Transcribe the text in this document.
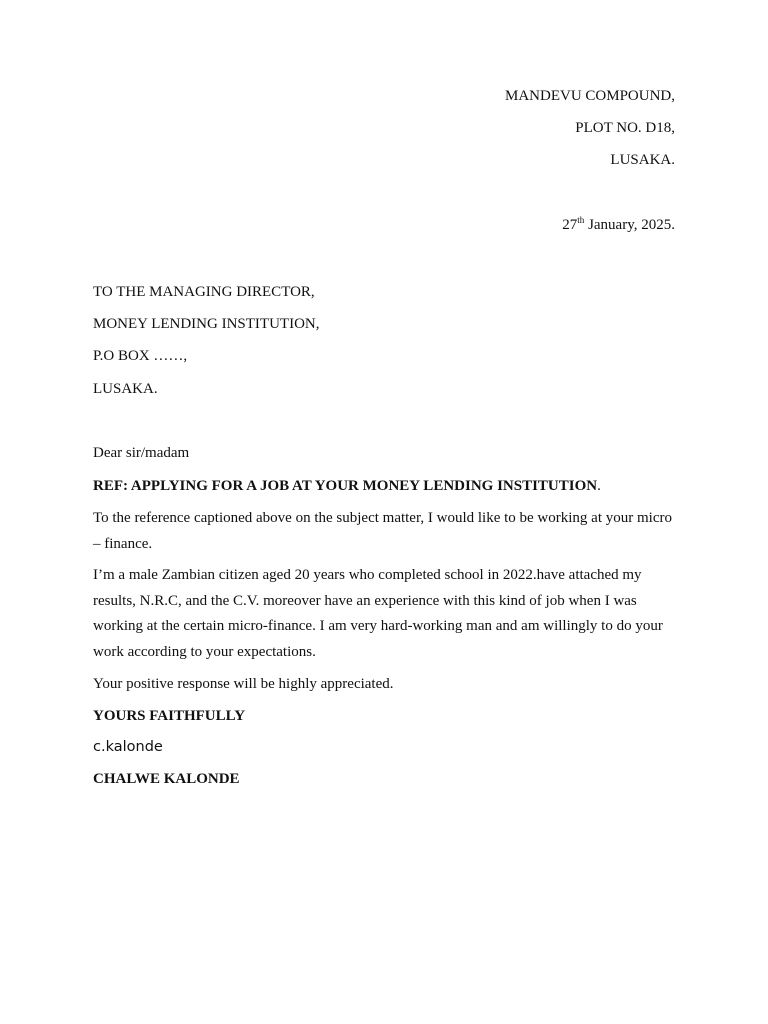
MANDEVU COMPOUND,
PLOT NO. D18,
LUSAKA.
27th January, 2025.
TO THE MANAGING DIRECTOR,
MONEY LENDING INSTITUTION,
P.O BOX ……,
LUSAKA.
Dear sir/madam
REF: APPLYING FOR A JOB AT YOUR MONEY LENDING INSTITUTION.
To the reference captioned above on the subject matter, I would like to be working at your micro – finance.
I’m a male Zambian citizen aged 20 years who completed school in 2022.have attached my results, N.R.C, and the C.V. moreover have an experience with this kind of job when I was working at the certain micro-finance. I am very hard-working man and am willingly to do your work according to your expectations.
Your positive response will be highly appreciated.
YOURS FAITHFULLY
c.kalonde
CHALWE KALONDE
